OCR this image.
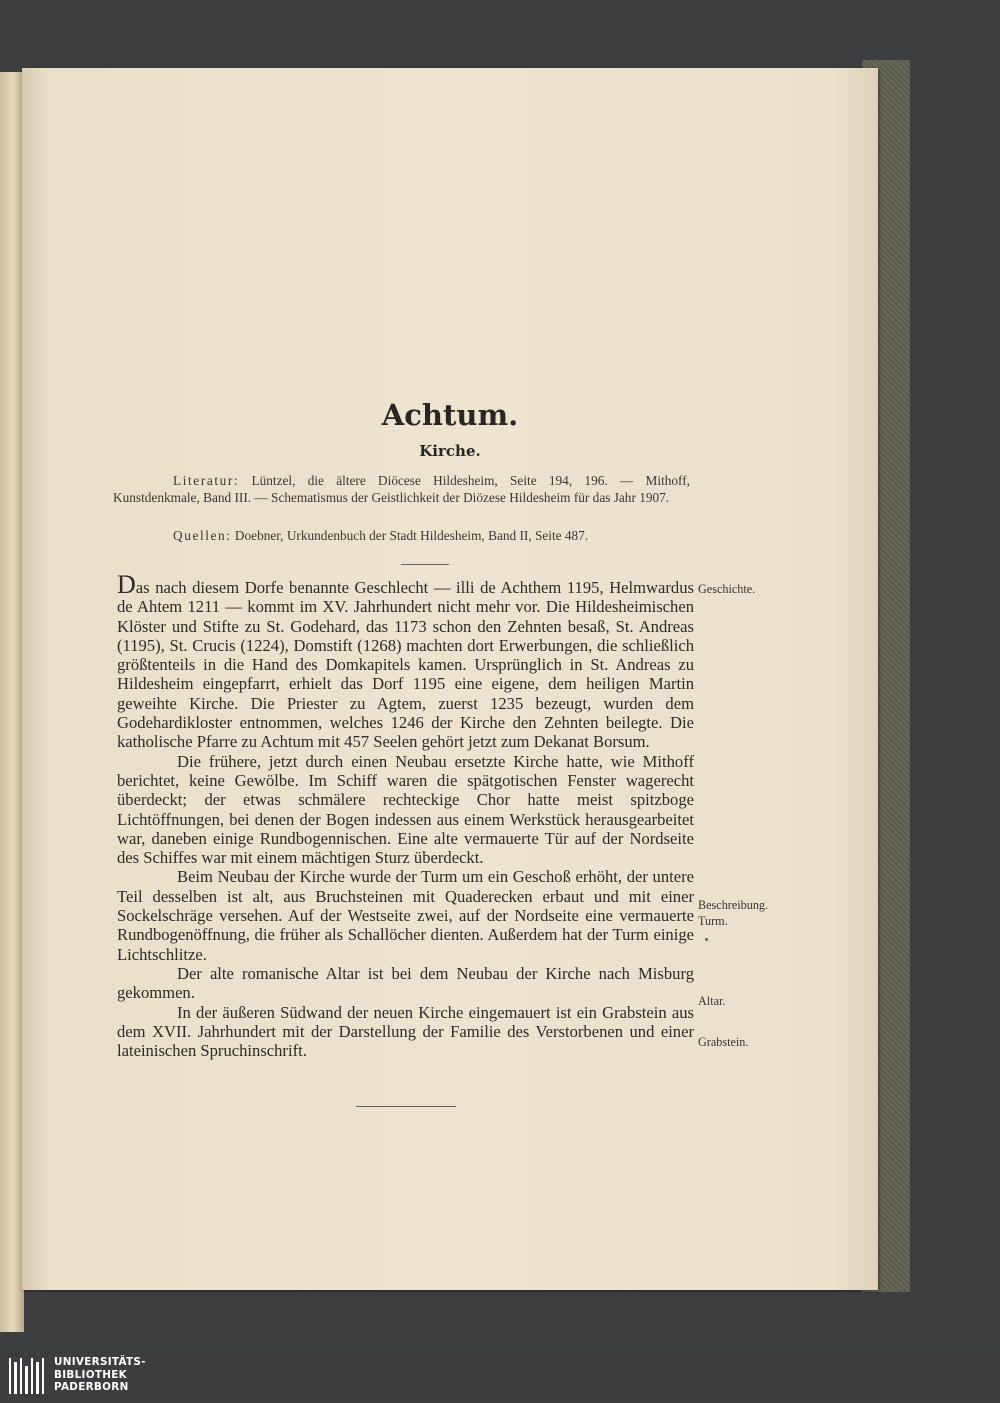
Achtum.
Kirche.

Literatur: Lüntzel, die ältere Diöcese Hildesheim, Seite 194, 196. — Mithoff, Kunstdenkmale, Band III. — Schematismus der Geistlichkeit der Diözese Hildesheim für das Jahr 1907.

Quellen: Doebner, Urkundenbuch der Stadt Hildesheim, Band II, Seite 487.

Das nach diesem Dorfe benannte Geschlecht — illi de Achthem 1195, Helmwardus de Ahtem 1211 — kommt im XV. Jahrhundert nicht mehr vor. Die Hildesheimischen Klöster und Stifte zu St. Godehard, das 1173 schon den Zehnten besaß, St. Andreas (1195), St. Crucis (1224), Domstift (1268) machten dort Erwerbungen, die schließlich größtenteils in die Hand des Domkapitels kamen. Ursprünglich in St. Andreas zu Hildesheim eingepfarrt, erhielt das Dorf 1195 eine eigene, dem heiligen Martin geweihte Kirche. Die Priester zu Agtem, zuerst 1235 bezeugt, wurden dem Godehardikloster entnommen, welches 1246 der Kirche den Zehnten beilegte. Die katholische Pfarre zu Achtum mit 457 Seelen gehört jetzt zum Dekanat Borsum.

Die frühere, jetzt durch einen Neubau ersetzte Kirche hatte, wie Mithoff berichtet, keine Gewölbe. Im Schiff waren die spätgotischen Fenster wagerecht überdeckt; der etwas schmälere rechteckige Chor hatte meist spitzboge Lichtöffnungen, bei denen der Bogen indessen aus einem Werkstück herausgearbeitet war, daneben einige Rundbogennischen. Eine alte vermauerte Tür auf der Nordseite des Schiffes war mit einem mächtigen Sturz überdeckt.

Beim Neubau der Kirche wurde der Turm um ein Geschoß erhöht, der untere Teil desselben ist alt, aus Bruchsteinen mit Quaderecken erbaut und mit einer Sockelschräge versehen. Auf der Westseite zwei, auf der Nordseite eine vermauerte Rundbogenöffnung, die früher als Schallöcher dienten. Außerdem hat der Turm einige Lichtschlitze.

Der alte romanische Altar ist bei dem Neubau der Kirche nach Misburg gekommen.

In der äußeren Südwand der neuen Kirche eingemauert ist ein Grabstein aus dem XVII. Jahrhundert mit der Darstellung der Familie des Verstorbenen und einer lateinischen Spruchinschrift.

Geschichte.
Beschreibung.
Turm.
Altar.
Grabstein.
UNIVERSITÄTS-
BIBLIOTHEK
PADERBORN
